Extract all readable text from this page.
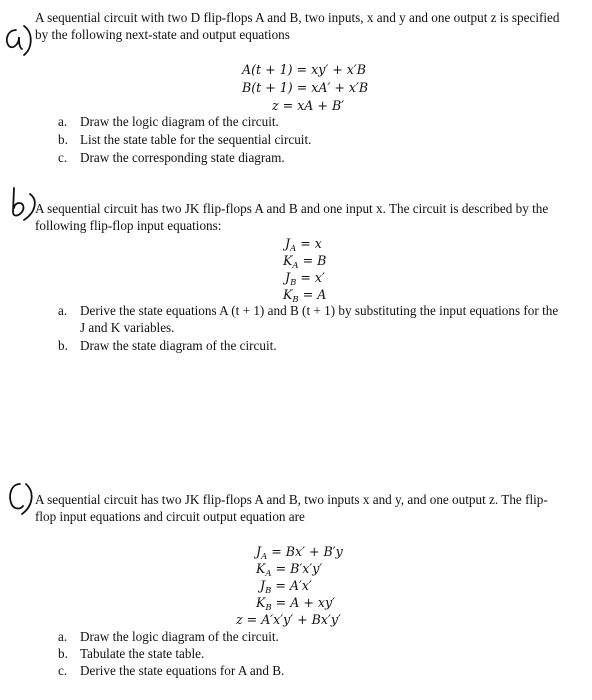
A sequential circuit with two D flip-flops A and B, two inputs, x and y and one output z is specified
by the following next-state and output equations
A(t + 1) = xy′ + x′B
B(t + 1) = xA′ + x′B
z = xA + B′
a. Draw the logic diagram of the circuit.
b. List the state table for the sequential circuit.
c. Draw the corresponding state diagram.
A sequential circuit has two JK flip-flops A and B and one input x. The circuit is described by the
following flip-flop input equations:
$J_A = x$
$K_A = B$
$J_B = x'$
$K_B = A$
a. Derive the state equations A (t + 1) and B (t + 1) by substituting the input equations for the
J and K variables.
b. Draw the state diagram of the circuit.
A sequential circuit has two JK flip-flops A and B, two inputs x and y, and one output z. The flip-
flop input equations and circuit output equation are
$J_A = Bx' + B'y$
$K_A = B'x'y'$
$J_B = A'x'$
$K_B = A + xy'$
z = A′x′y′ + Bx′y′
a. Draw the logic diagram of the circuit.
b. Tabulate the state table.
c. Derive the state equations for A and B.
